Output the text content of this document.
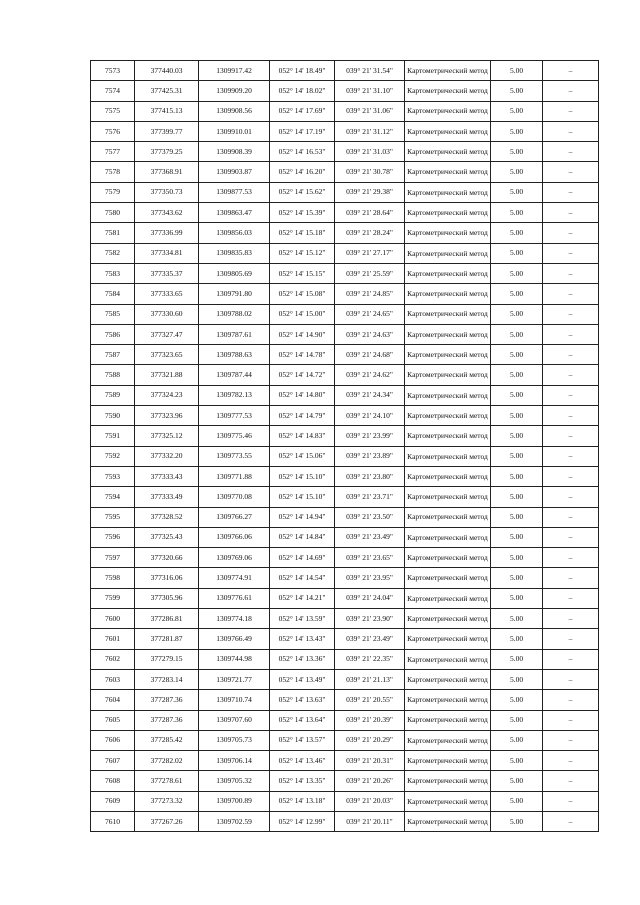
7573	377440.03	1309917.42	052° 14' 18.49"	039° 21' 31.54"	Картометрический метод	5.00	–
7574	377425.31	1309909.20	052° 14' 18.02"	039° 21' 31.10"	Картометрический метод	5.00	–
7575	377415.13	1309908.56	052° 14' 17.69"	039° 21' 31.06"	Картометрический метод	5.00	–
7576	377399.77	1309910.01	052° 14' 17.19"	039° 21' 31.12"	Картометрический метод	5.00	–
7577	377379.25	1309908.39	052° 14' 16.53"	039° 21' 31.03"	Картометрический метод	5.00	–
7578	377368.91	1309903.87	052° 14' 16.20"	039° 21' 30.78"	Картометрический метод	5.00	–
7579	377350.73	1309877.53	052° 14' 15.62"	039° 21' 29.38"	Картометрический метод	5.00	–
7580	377343.62	1309863.47	052° 14' 15.39"	039° 21' 28.64"	Картометрический метод	5.00	–
7581	377336.99	1309856.03	052° 14' 15.18"	039° 21' 28.24"	Картометрический метод	5.00	–
7582	377334.81	1309835.83	052° 14' 15.12"	039° 21' 27.17"	Картометрический метод	5.00	–
7583	377335.37	1309805.69	052° 14' 15.15"	039° 21' 25.59"	Картометрический метод	5.00	–
7584	377333.65	1309791.80	052° 14' 15.08"	039° 21' 24.85"	Картометрический метод	5.00	–
7585	377330.60	1309788.02	052° 14' 15.00"	039° 21' 24.65"	Картометрический метод	5.00	–
7586	377327.47	1309787.61	052° 14' 14.90"	039° 21' 24.63"	Картометрический метод	5.00	–
7587	377323.65	1309788.63	052° 14' 14.78"	039° 21' 24.68"	Картометрический метод	5.00	–
7588	377321.88	1309787.44	052° 14' 14.72"	039° 21' 24.62"	Картометрический метод	5.00	–
7589	377324.23	1309782.13	052° 14' 14.80"	039° 21' 24.34"	Картометрический метод	5.00	–
7590	377323.96	1309777.53	052° 14' 14.79"	039° 21' 24.10"	Картометрический метод	5.00	–
7591	377325.12	1309775.46	052° 14' 14.83"	039° 21' 23.99"	Картометрический метод	5.00	–
7592	377332.20	1309773.55	052° 14' 15.06"	039° 21' 23.89"	Картометрический метод	5.00	–
7593	377333.43	1309771.88	052° 14' 15.10"	039° 21' 23.80"	Картометрический метод	5.00	–
7594	377333.49	1309770.08	052° 14' 15.10"	039° 21' 23.71"	Картометрический метод	5.00	–
7595	377328.52	1309766.27	052° 14' 14.94"	039° 21' 23.50"	Картометрический метод	5.00	–
7596	377325.43	1309766.06	052° 14' 14.84"	039° 21' 23.49"	Картометрический метод	5.00	–
7597	377320.66	1309769.06	052° 14' 14.69"	039° 21' 23.65"	Картометрический метод	5.00	–
7598	377316.06	1309774.91	052° 14' 14.54"	039° 21' 23.95"	Картометрический метод	5.00	–
7599	377305.96	1309776.61	052° 14' 14.21"	039° 21' 24.04"	Картометрический метод	5.00	–
7600	377286.81	1309774.18	052° 14' 13.59"	039° 21' 23.90"	Картометрический метод	5.00	–
7601	377281.87	1309766.49	052° 14' 13.43"	039° 21' 23.49"	Картометрический метод	5.00	–
7602	377279.15	1309744.98	052° 14' 13.36"	039° 21' 22.35"	Картометрический метод	5.00	–
7603	377283.14	1309721.77	052° 14' 13.49"	039° 21' 21.13"	Картометрический метод	5.00	–
7604	377287.36	1309710.74	052° 14' 13.63"	039° 21' 20.55"	Картометрический метод	5.00	–
7605	377287.36	1309707.60	052° 14' 13.64"	039° 21' 20.39"	Картометрический метод	5.00	–
7606	377285.42	1309705.73	052° 14' 13.57"	039° 21' 20.29"	Картометрический метод	5.00	–
7607	377282.02	1309706.14	052° 14' 13.46"	039° 21' 20.31"	Картометрический метод	5.00	–
7608	377278.61	1309705.32	052° 14' 13.35"	039° 21' 20.26"	Картометрический метод	5.00	–
7609	377273.32	1309700.89	052° 14' 13.18"	039° 21' 20.03"	Картометрический метод	5.00	–
7610	377267.26	1309702.59	052° 14' 12.99"	039° 21' 20.11"	Картометрический метод	5.00	–
